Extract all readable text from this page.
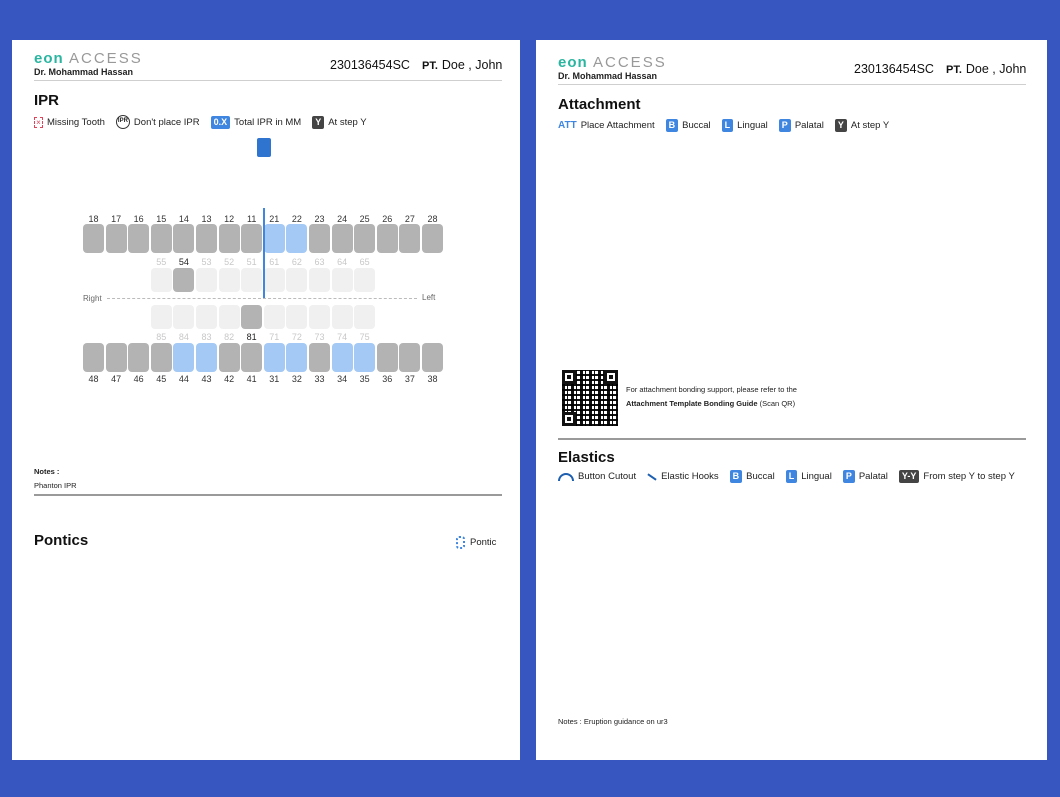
eon ACCESS
Dr. Mohammad Hassan	230136454SC PT. Doe , John
IPR
× Missing Tooth	IPR Don't place IPR	0.X Total IPR in MM	Y At step Y
18	17	16	15	14	13	12	11	21	22	23	24	25	26	27	28
55	54	53	52	51	61	62	63	64	65
Right	Left
85	84	83	82	81	71	72	73	74	75
48	47	46	45	44	43	42	41	31	32	33	34	35	36	37	38
Notes :
Phanton IPR
Pontics	Pontic
eon ACCESS
Dr. Mohammad Hassan	230136454SC PT. Doe , John
Attachment
ATT Place Attachment	B Buccal	L Lingual	P Palatal	Y At step Y
For attachment bonding support, please refer to the
Attachment Template Bonding Guide (Scan QR)
Elastics
Button Cutout	Elastic Hooks	B Buccal	L Lingual	P Palatal	Y-Y From step Y to step Y
Notes : Eruption guidance on ur3
